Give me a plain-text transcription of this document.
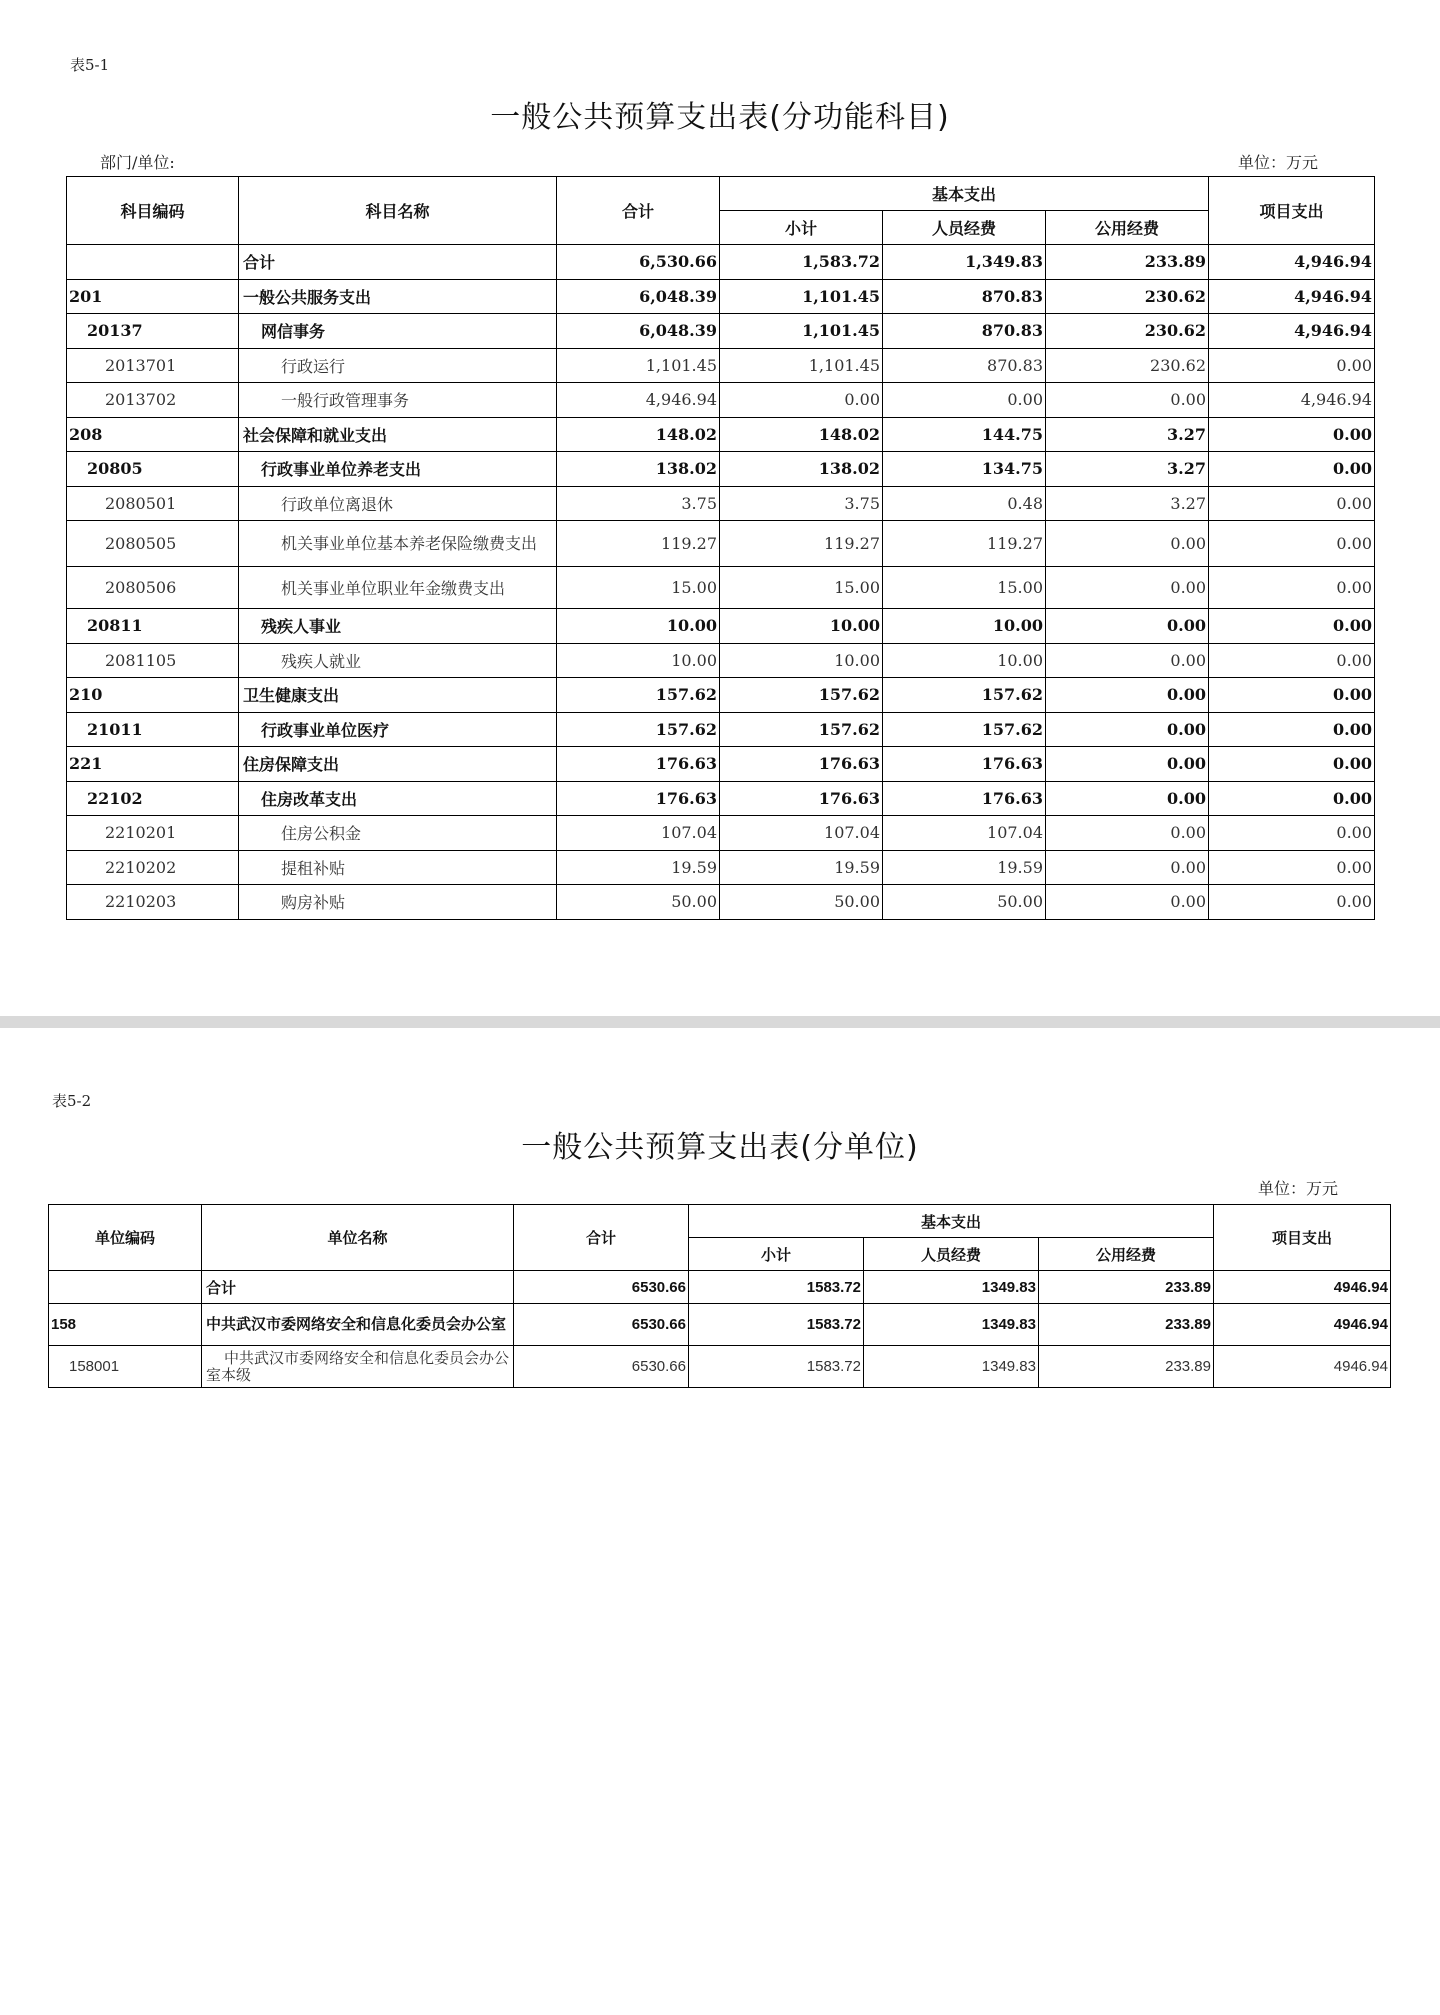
表5-1
一般公共预算支出表(分功能科目)
部门/单位:	单位：万元
科目编码	科目名称	合计	基本支出			项目支出
			小计	人员经费	公用经费	
	合计	6,530.66	1,583.72	1,349.83	233.89	4,946.94
201	一般公共服务支出	6,048.39	1,101.45	870.83	230.62	4,946.94
20137	网信事务	6,048.39	1,101.45	870.83	230.62	4,946.94
2013701	行政运行	1,101.45	1,101.45	870.83	230.62	0.00
2013702	一般行政管理事务	4,946.94	0.00	0.00	0.00	4,946.94
208	社会保障和就业支出	148.02	148.02	144.75	3.27	0.00
20805	行政事业单位养老支出	138.02	138.02	134.75	3.27	0.00
2080501	行政单位离退休	3.75	3.75	0.48	3.27	0.00
2080505	机关事业单位基本养老保险缴费支出	119.27	119.27	119.27	0.00	0.00
2080506	机关事业单位职业年金缴费支出	15.00	15.00	15.00	0.00	0.00
20811	残疾人事业	10.00	10.00	10.00	0.00	0.00
2081105	残疾人就业	10.00	10.00	10.00	0.00	0.00
210	卫生健康支出	157.62	157.62	157.62	0.00	0.00
21011	行政事业单位医疗	157.62	157.62	157.62	0.00	0.00
221	住房保障支出	176.63	176.63	176.63	0.00	0.00
22102	住房改革支出	176.63	176.63	176.63	0.00	0.00
2210201	住房公积金	107.04	107.04	107.04	0.00	0.00
2210202	提租补贴	19.59	19.59	19.59	0.00	0.00
2210203	购房补贴	50.00	50.00	50.00	0.00	0.00
表5-2
一般公共预算支出表(分单位)
单位：万元
单位编码	单位名称	合计	基本支出			项目支出
			小计	人员经费	公用经费	
	合计	6530.66	1583.72	1349.83	233.89	4946.94
158	中共武汉市委网络安全和信息化委员会办公室	6530.66	1583.72	1349.83	233.89	4946.94
158001	中共武汉市委网络安全和信息化委员会办公室本级	6530.66	1583.72	1349.83	233.89	4946.94
